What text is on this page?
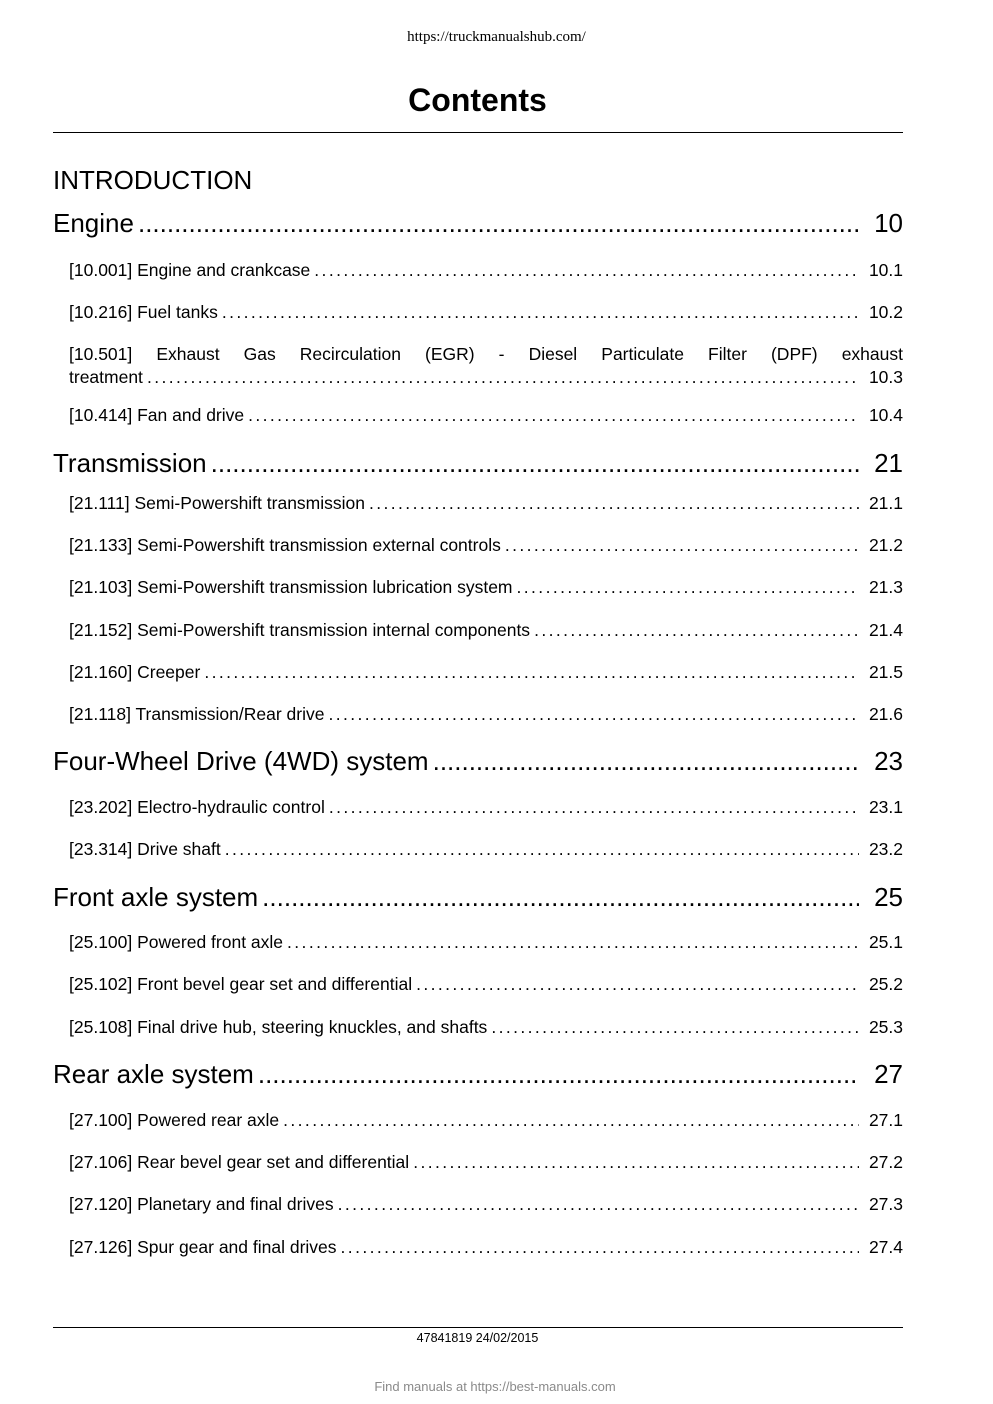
https://truckmanualshub.com/
Contents
INTRODUCTION
Engine .....	10
[10.001] Engine and crankcase .....	10.1
[10.216] Fuel tanks .....	10.2
[10.501] Exhaust Gas Recirculation (EGR) - Diesel Particulate Filter (DPF) exhaust
treatment .....	10.3
[10.414] Fan and drive .....	10.4
Transmission .....	21
[21.111] Semi-Powershift transmission .....	21.1
[21.133] Semi-Powershift transmission external controls .....	21.2
[21.103] Semi-Powershift transmission lubrication system .....	21.3
[21.152] Semi-Powershift transmission internal components .....	21.4
[21.160] Creeper .....	21.5
[21.118] Transmission/Rear drive .....	21.6
Four-Wheel Drive (4WD) system .....	23
[23.202] Electro-hydraulic control .....	23.1
[23.314] Drive shaft .....	23.2
Front axle system .....	25
[25.100] Powered front axle .....	25.1
[25.102] Front bevel gear set and differential .....	25.2
[25.108] Final drive hub, steering knuckles, and shafts .....	25.3
Rear axle system .....	27
[27.100] Powered rear axle .....	27.1
[27.106] Rear bevel gear set and differential .....	27.2
[27.120] Planetary and final drives .....	27.3
[27.126] Spur gear and final drives .....	27.4
47841819 24/02/2015
Find manuals at https://best-manuals.com
